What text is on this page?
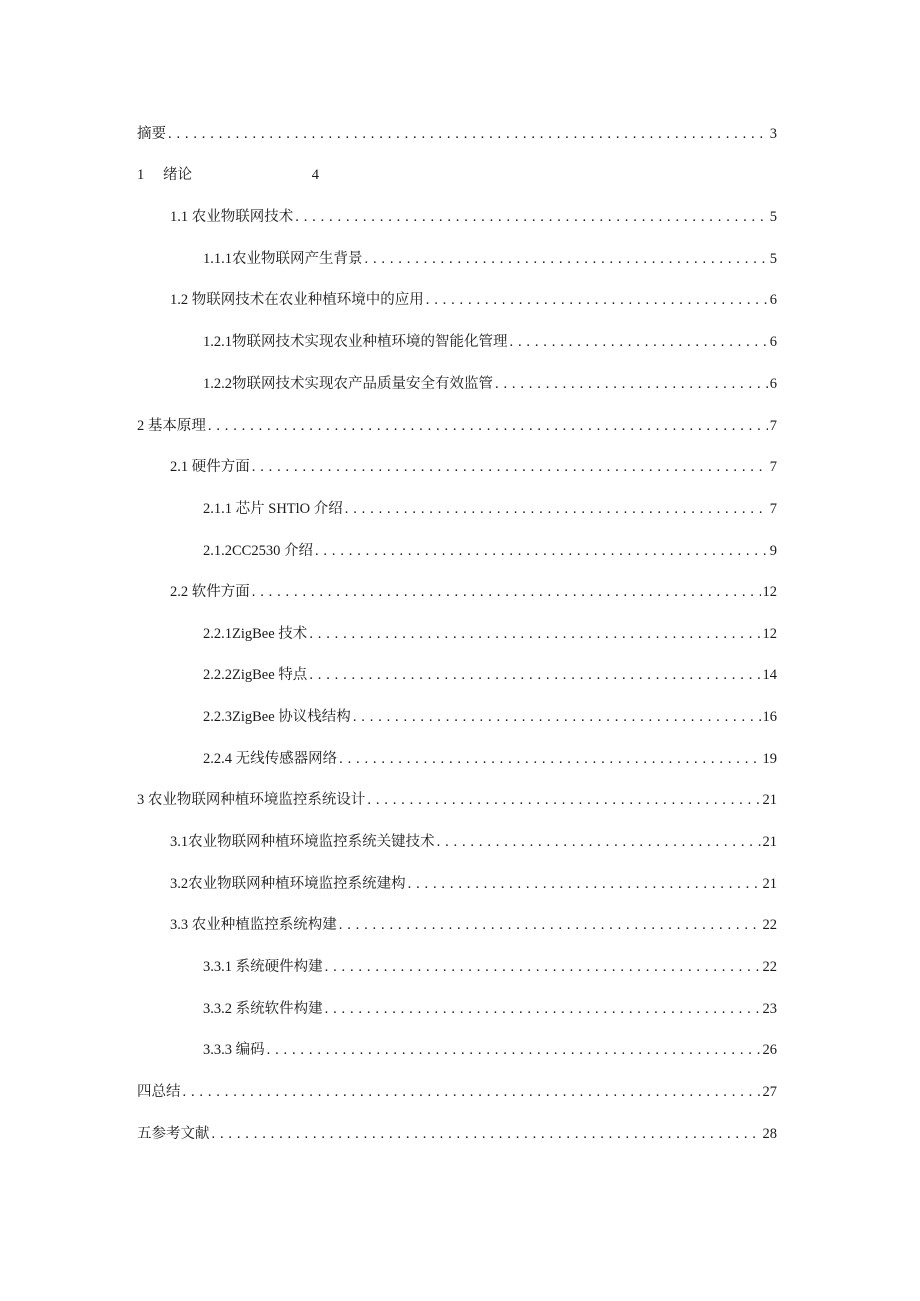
摘要 . . .	3
1	绪论	4
1. 1 农业物联网技术 . . .	5
1.1.1 农业物联网产生背景 . . .	5
1.2 物联网技术在农业种植环境中的应用 . . .	6
1.2.1 物联网技术实现农业种植环境的智能化管理 . . .	6
1.2.2 物联网技术实现农产品质量安全有效监管 . . .	6
2 基本原理 . . .	7
2. 1 硬件方面 . . .	7
2.1.1 芯片 SHTlO 介绍 . . .	7
2.1.2CC2530 介绍 . . .	9
2.2 软件方面 . . .	12
2.2.1ZigBee 技术 . . .	12
2.2.2ZigBee 特点 . . .	14
2.2.3ZigBee 协议栈结构 . . .	16
2.2.4 无线传感器网络 . . .	19
3 农业物联网种植环境监控系统设计 . . .	21
3.1 农业物联网种植环境监控系统关键技术 . . .	21
3.2 农业物联网种植环境监控系统建构 . . .	21
3.3 农业种植监控系统构建 . . .	22
3.3.1 系统硬件构建 . . .	22
3.3.2 系统软件构建 . . .	23
3.3.3 编码 . . .	26
四总结 . . .	27
五参考文献 . . .	28
